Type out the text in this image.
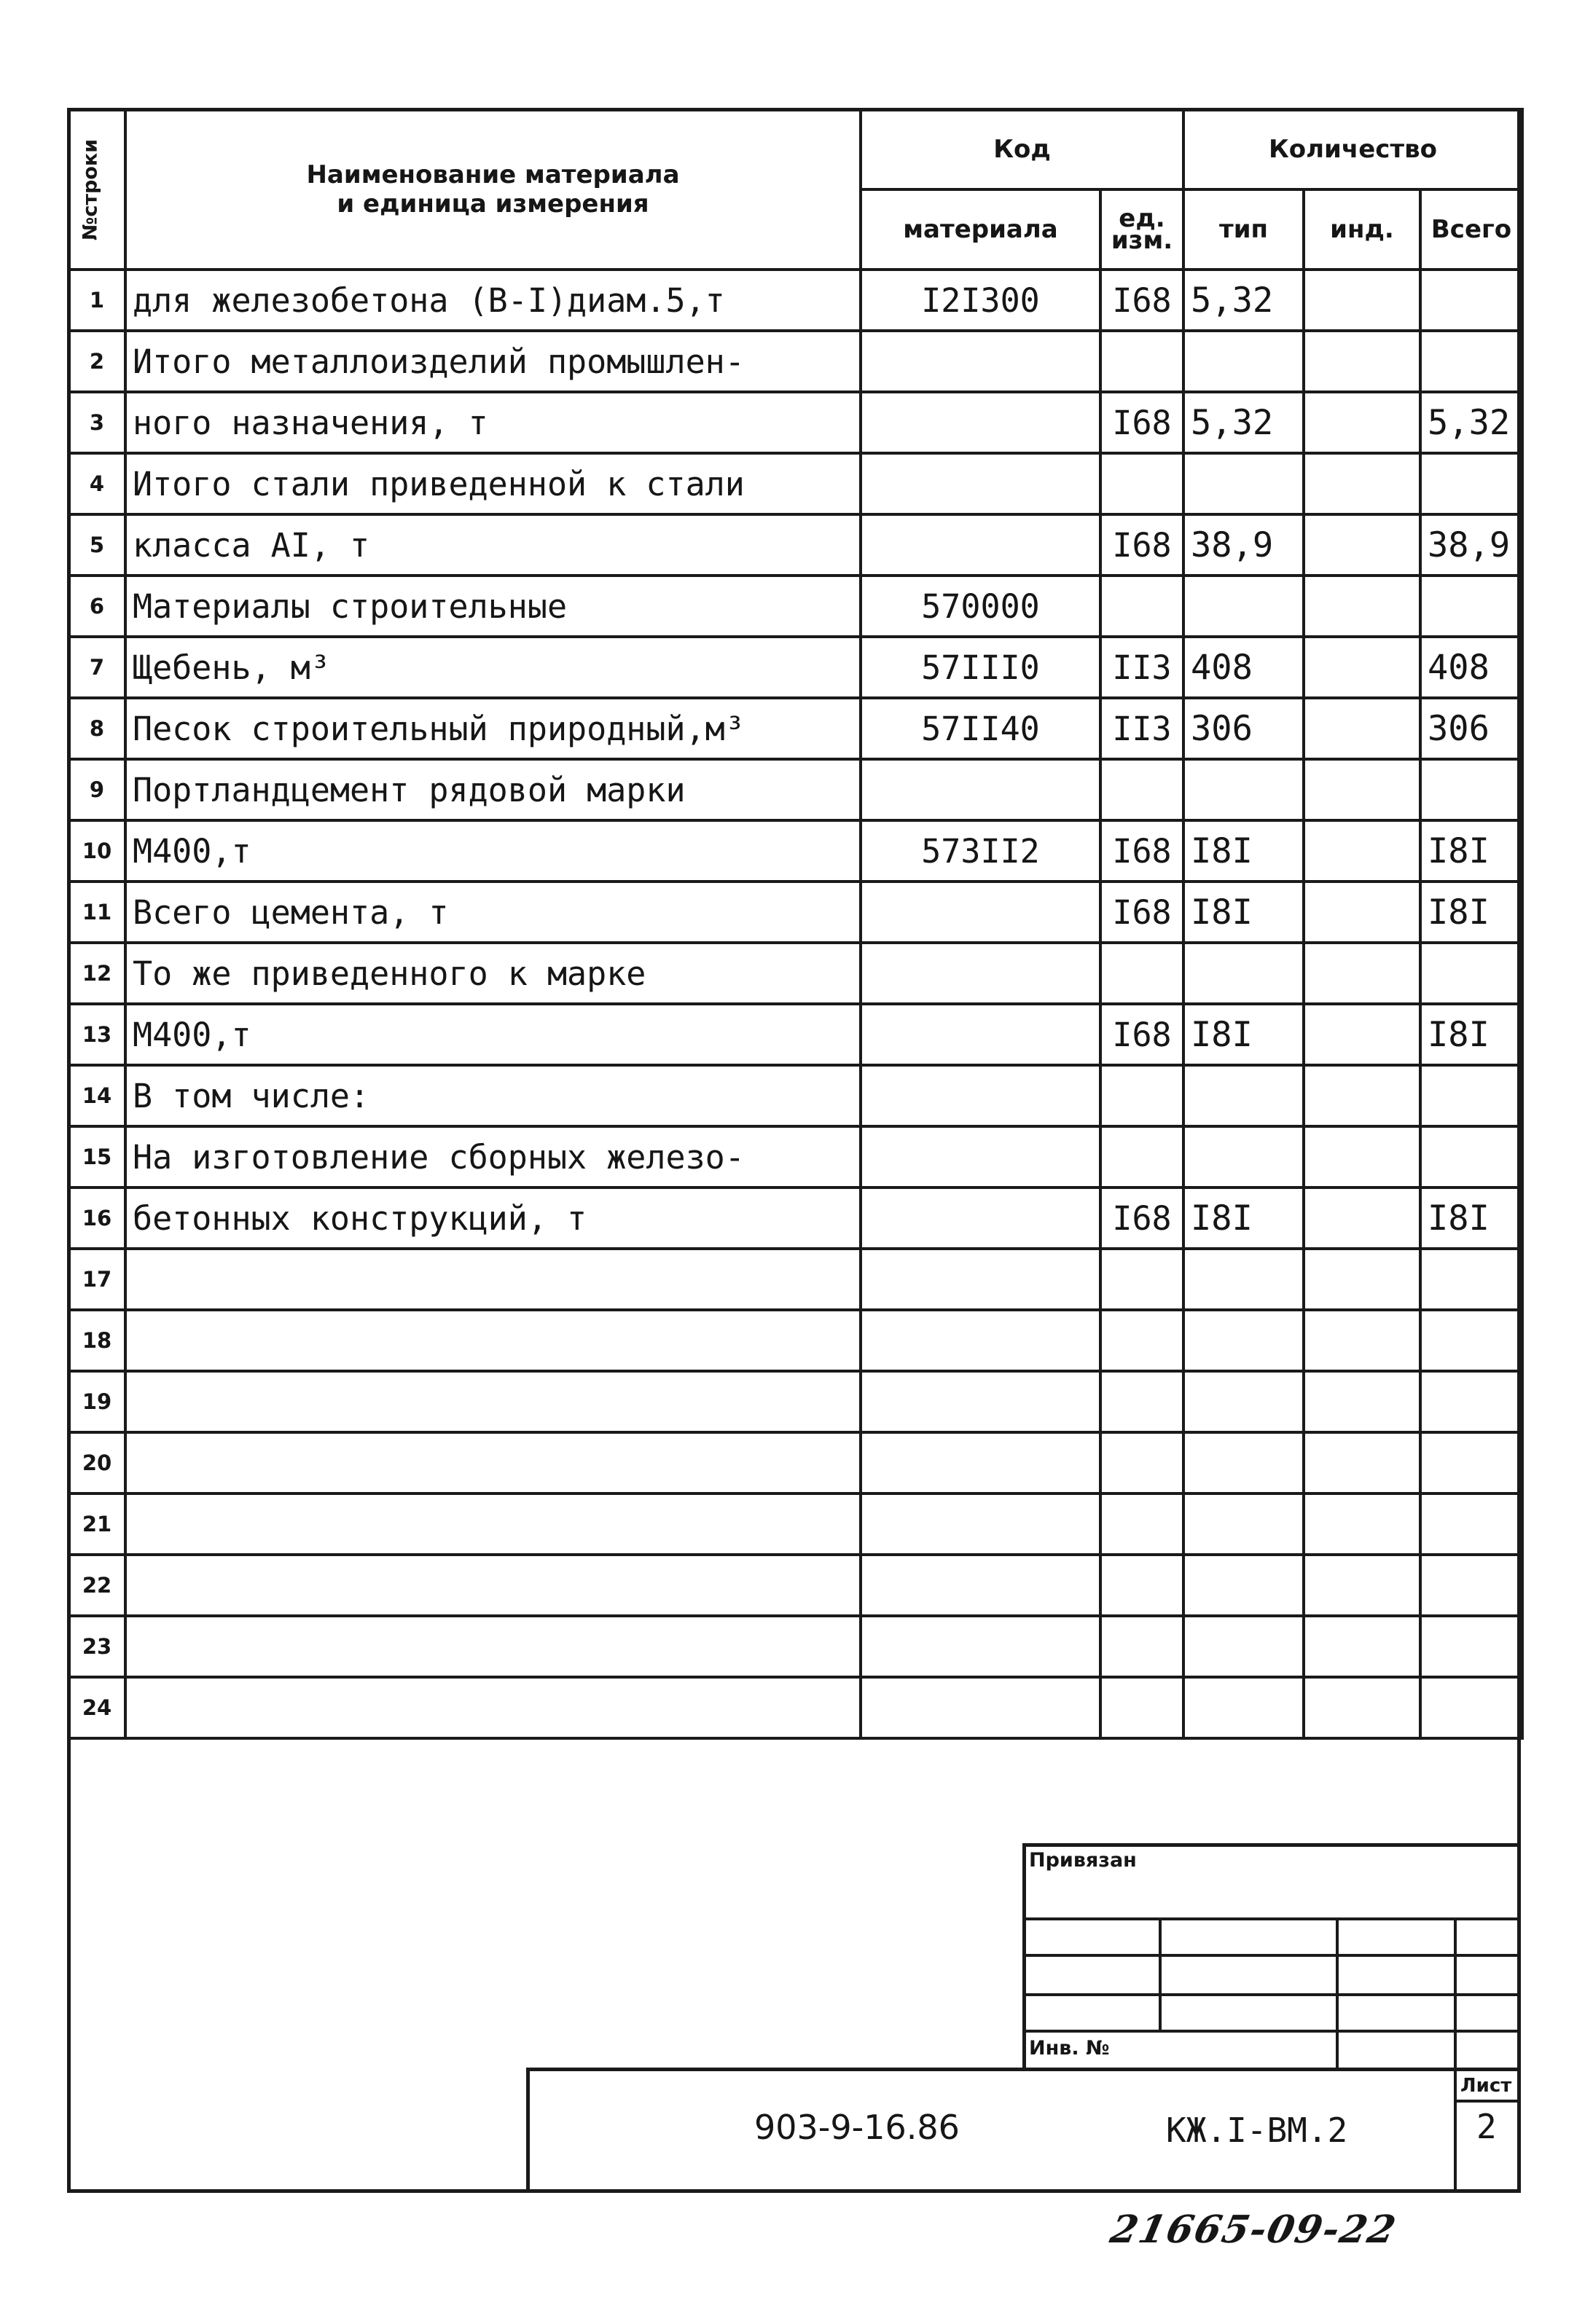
№строки	Наименование материала
и единица измерения	Код		Количество		
		материала	ед. изм.	тип	инд.	Всего
1	для железобетона (В-I)диам.5,т	I2I300	I68	5,32		
2	Итого металлоизделий промышлен-					
3	ного назначения, т		I68	5,32		5,32
4	Итого стали приведенной к стали					
5	класса АI, т		I68	38,9		38,9
6	Материалы строительные	570000				
7	Щебень, м³	57III0	II3	408		408
8	Песок строительный природный,м³	57II40	II3	306		306
9	Портландцемент рядовой марки					
10	М400,т	573II2	I68	I8I		I8I
11	Всего цемента, т		I68	I8I		I8I
12	То же приведенного к марке					
13	М400,т		I68	I8I		I8I
14	В том числе:					
15	На изготовление сборных железо-					
16	бетонных конструкций, т		I68	I8I		I8I
17						
18						
19						
20						
21						
22						
23						
24						
Привязан
Инв. №
Лист
2
903-9-16.86	КЖ.I-ВМ.2
21665-09-22
